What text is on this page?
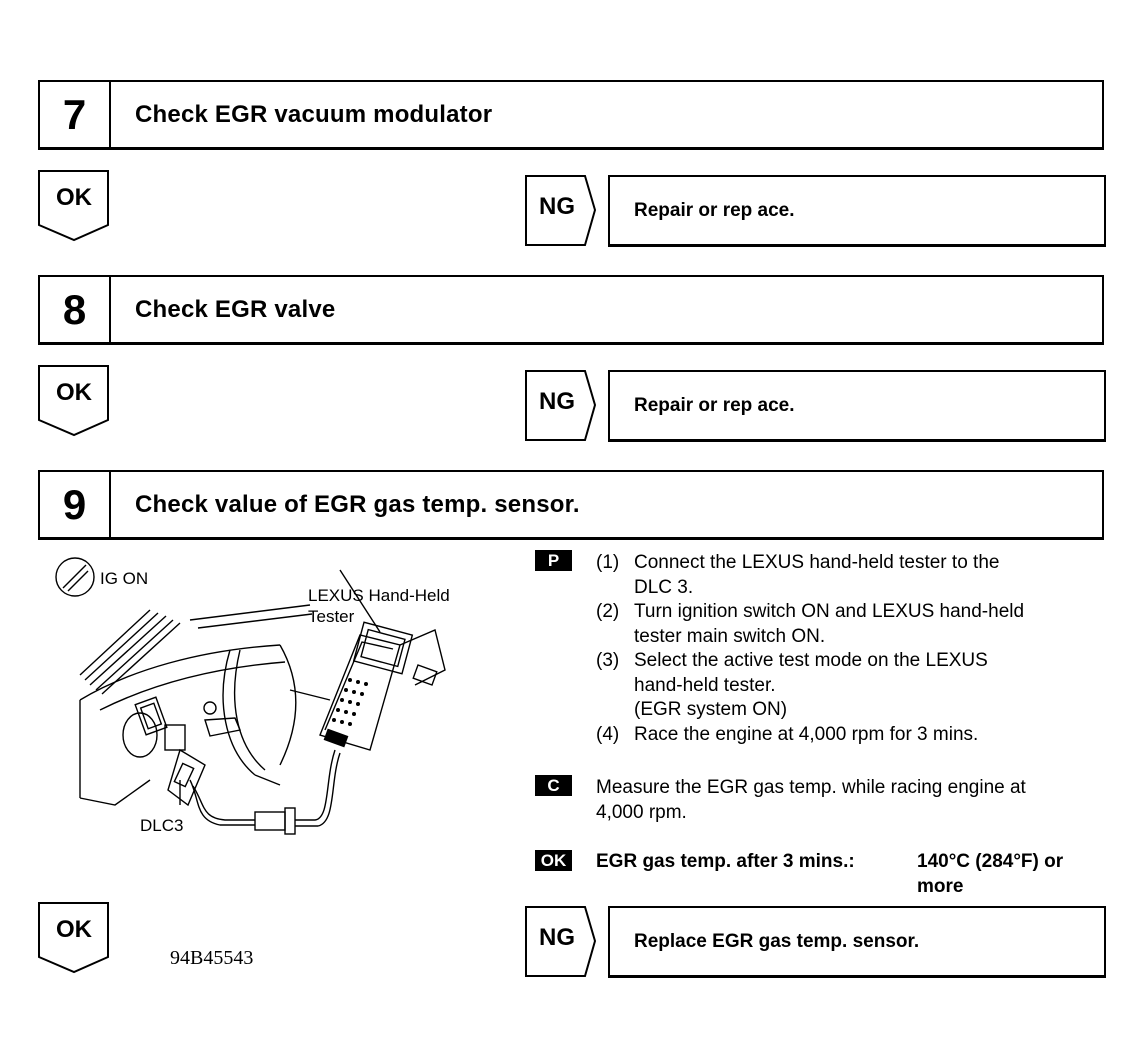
7	Check EGR vacuum modulator
OK	NG	Repair or rep ace.
8	Check EGR valve
OK	NG	Repair or rep ace.
9	Check value of EGR gas temp. sensor.
IG ON
LEXUS Hand-Held
Tester
DLC3
94B45543
P	(1) Connect the LEXUS hand-held tester to the
DLC 3.
(2) Turn ignition switch ON and LEXUS hand-held
tester main switch ON.
(3) Select the active test mode on the LEXUS
hand-held tester.
(EGR system ON)
(4) Race the engine at 4,000 rpm for 3 mins.
C	Measure the EGR gas temp. while racing engine at
4,000 rpm.
OK	EGR gas temp. after 3 mins.:	140°C (284°F) or
more
OK	NG	Replace EGR gas temp. sensor.
